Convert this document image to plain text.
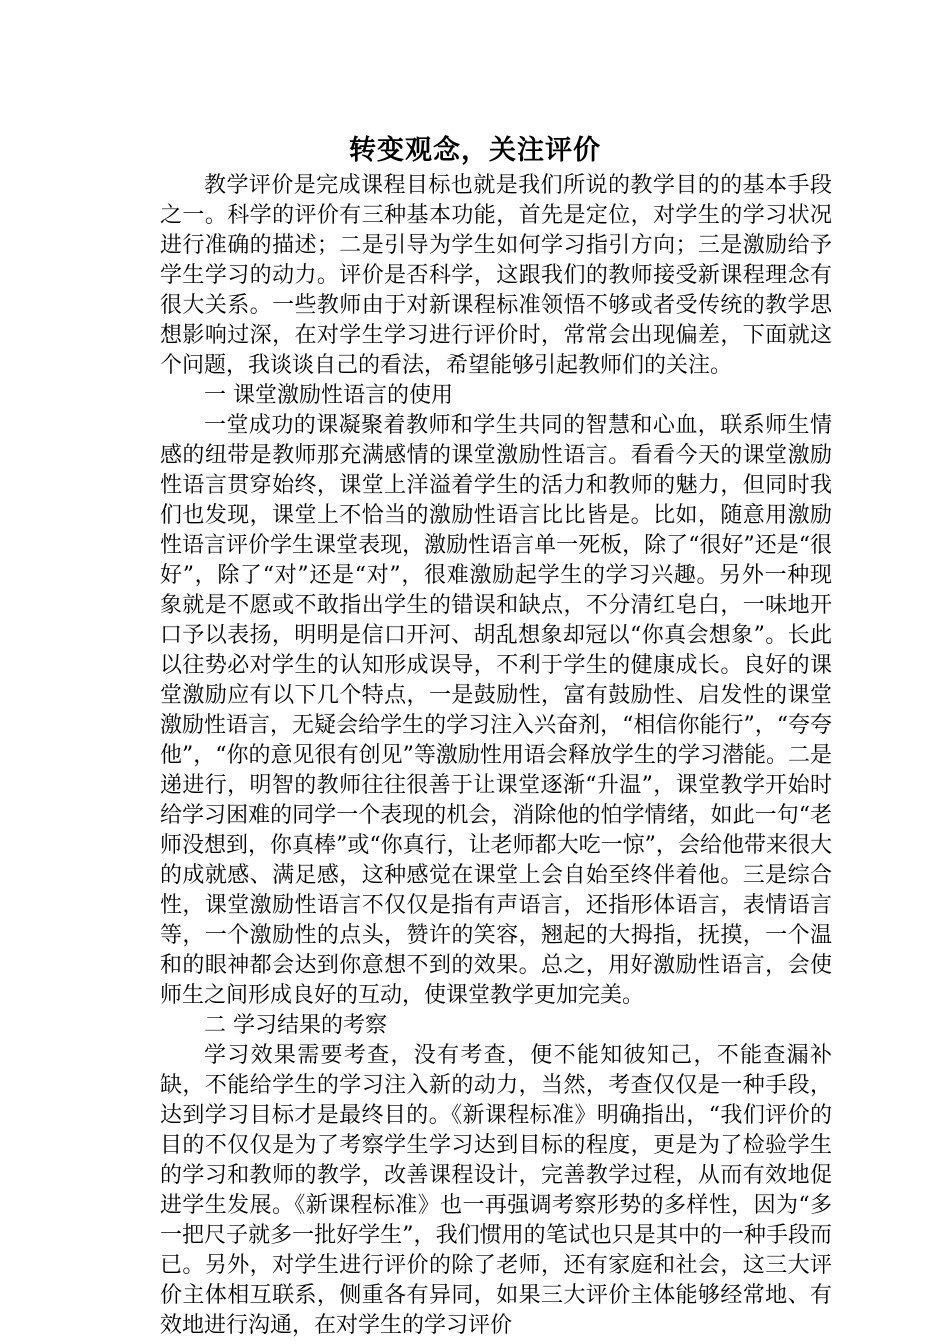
转变观念，关注评价

教学评价是完成课程目标也就是我们所说的教学目的的基本手段之一。科学的评价有三种基本功能，首先是定位，对学生的学习状况进行准确的描述；二是引导为学生如何学习指引方向；三是激励给予学生学习的动力。评价是否科学，这跟我们的教师接受新课程理念有很大关系。一些教师由于对新课程标准领悟不够或者受传统的教学思想影响过深，在对学生学习进行评价时，常常会出现偏差，下面就这个问题，我谈谈自己的看法，希望能够引起教师们的关注。

一 课堂激励性语言的使用

一堂成功的课凝聚着教师和学生共同的智慧和心血，联系师生情感的纽带是教师那充满感情的课堂激励性语言。看看今天的课堂激励性语言贯穿始终，课堂上洋溢着学生的活力和教师的魅力，但同时我们也发现，课堂上不恰当的激励性语言比比皆是。比如，随意用激励性语言评价学生课堂表现，激励性语言单一死板，除了“很好”还是“很好”，除了“对”还是“对”，很难激励起学生的学习兴趣。另外一种现象就是不愿或不敢指出学生的错误和缺点，不分清红皂白，一味地开口予以表扬，明明是信口开河、胡乱想象却冠以“你真会想象”。长此以往势必对学生的认知形成误导，不利于学生的健康成长。良好的课堂激励应有以下几个特点，一是鼓励性，富有鼓励性、启发性的课堂激励性语言，无疑会给学生的学习注入兴奋剂，“相信你能行”，“夸夸他”，“你的意见很有创见”等激励性用语会释放学生的学习潜能。二是递进行，明智的教师往往很善于让课堂逐渐“升温”，课堂教学开始时给学习困难的同学一个表现的机会，消除他的怕学情绪，如此一句“老师没想到，你真棒”或“你真行，让老师都大吃一惊”，会给他带来很大的成就感、满足感，这种感觉在课堂上会自始至终伴着他。三是综合性，课堂激励性语言不仅仅是指有声语言，还指形体语言，表情语言等，一个激励性的点头，赞许的笑容，翘起的大拇指，抚摸，一个温和的眼神都会达到你意想不到的效果。总之，用好激励性语言，会使师生之间形成良好的互动，使课堂教学更加完美。

二 学习结果的考察

学习效果需要考查，没有考查，便不能知彼知己，不能查漏补缺，不能给学生的学习注入新的动力，当然，考查仅仅是一种手段，达到学习目标才是最终目的。《新课程标准》明确指出，“我们评价的目的不仅仅是为了考察学生学习达到目标的程度，更是为了检验学生的学习和教师的教学，改善课程设计，完善教学过程，从而有效地促进学生发展。《新课程标准》也一再强调考察形势的多样性，因为“多一把尺子就多一批好学生”，我们惯用的笔试也只是其中的一种手段而已。另外，对学生进行评价的除了老师，还有家庭和社会，这三大评价主体相互联系，侧重各有异同，如果三大评价主体能够经常地、有效地进行沟通，在对学生的学习评价
